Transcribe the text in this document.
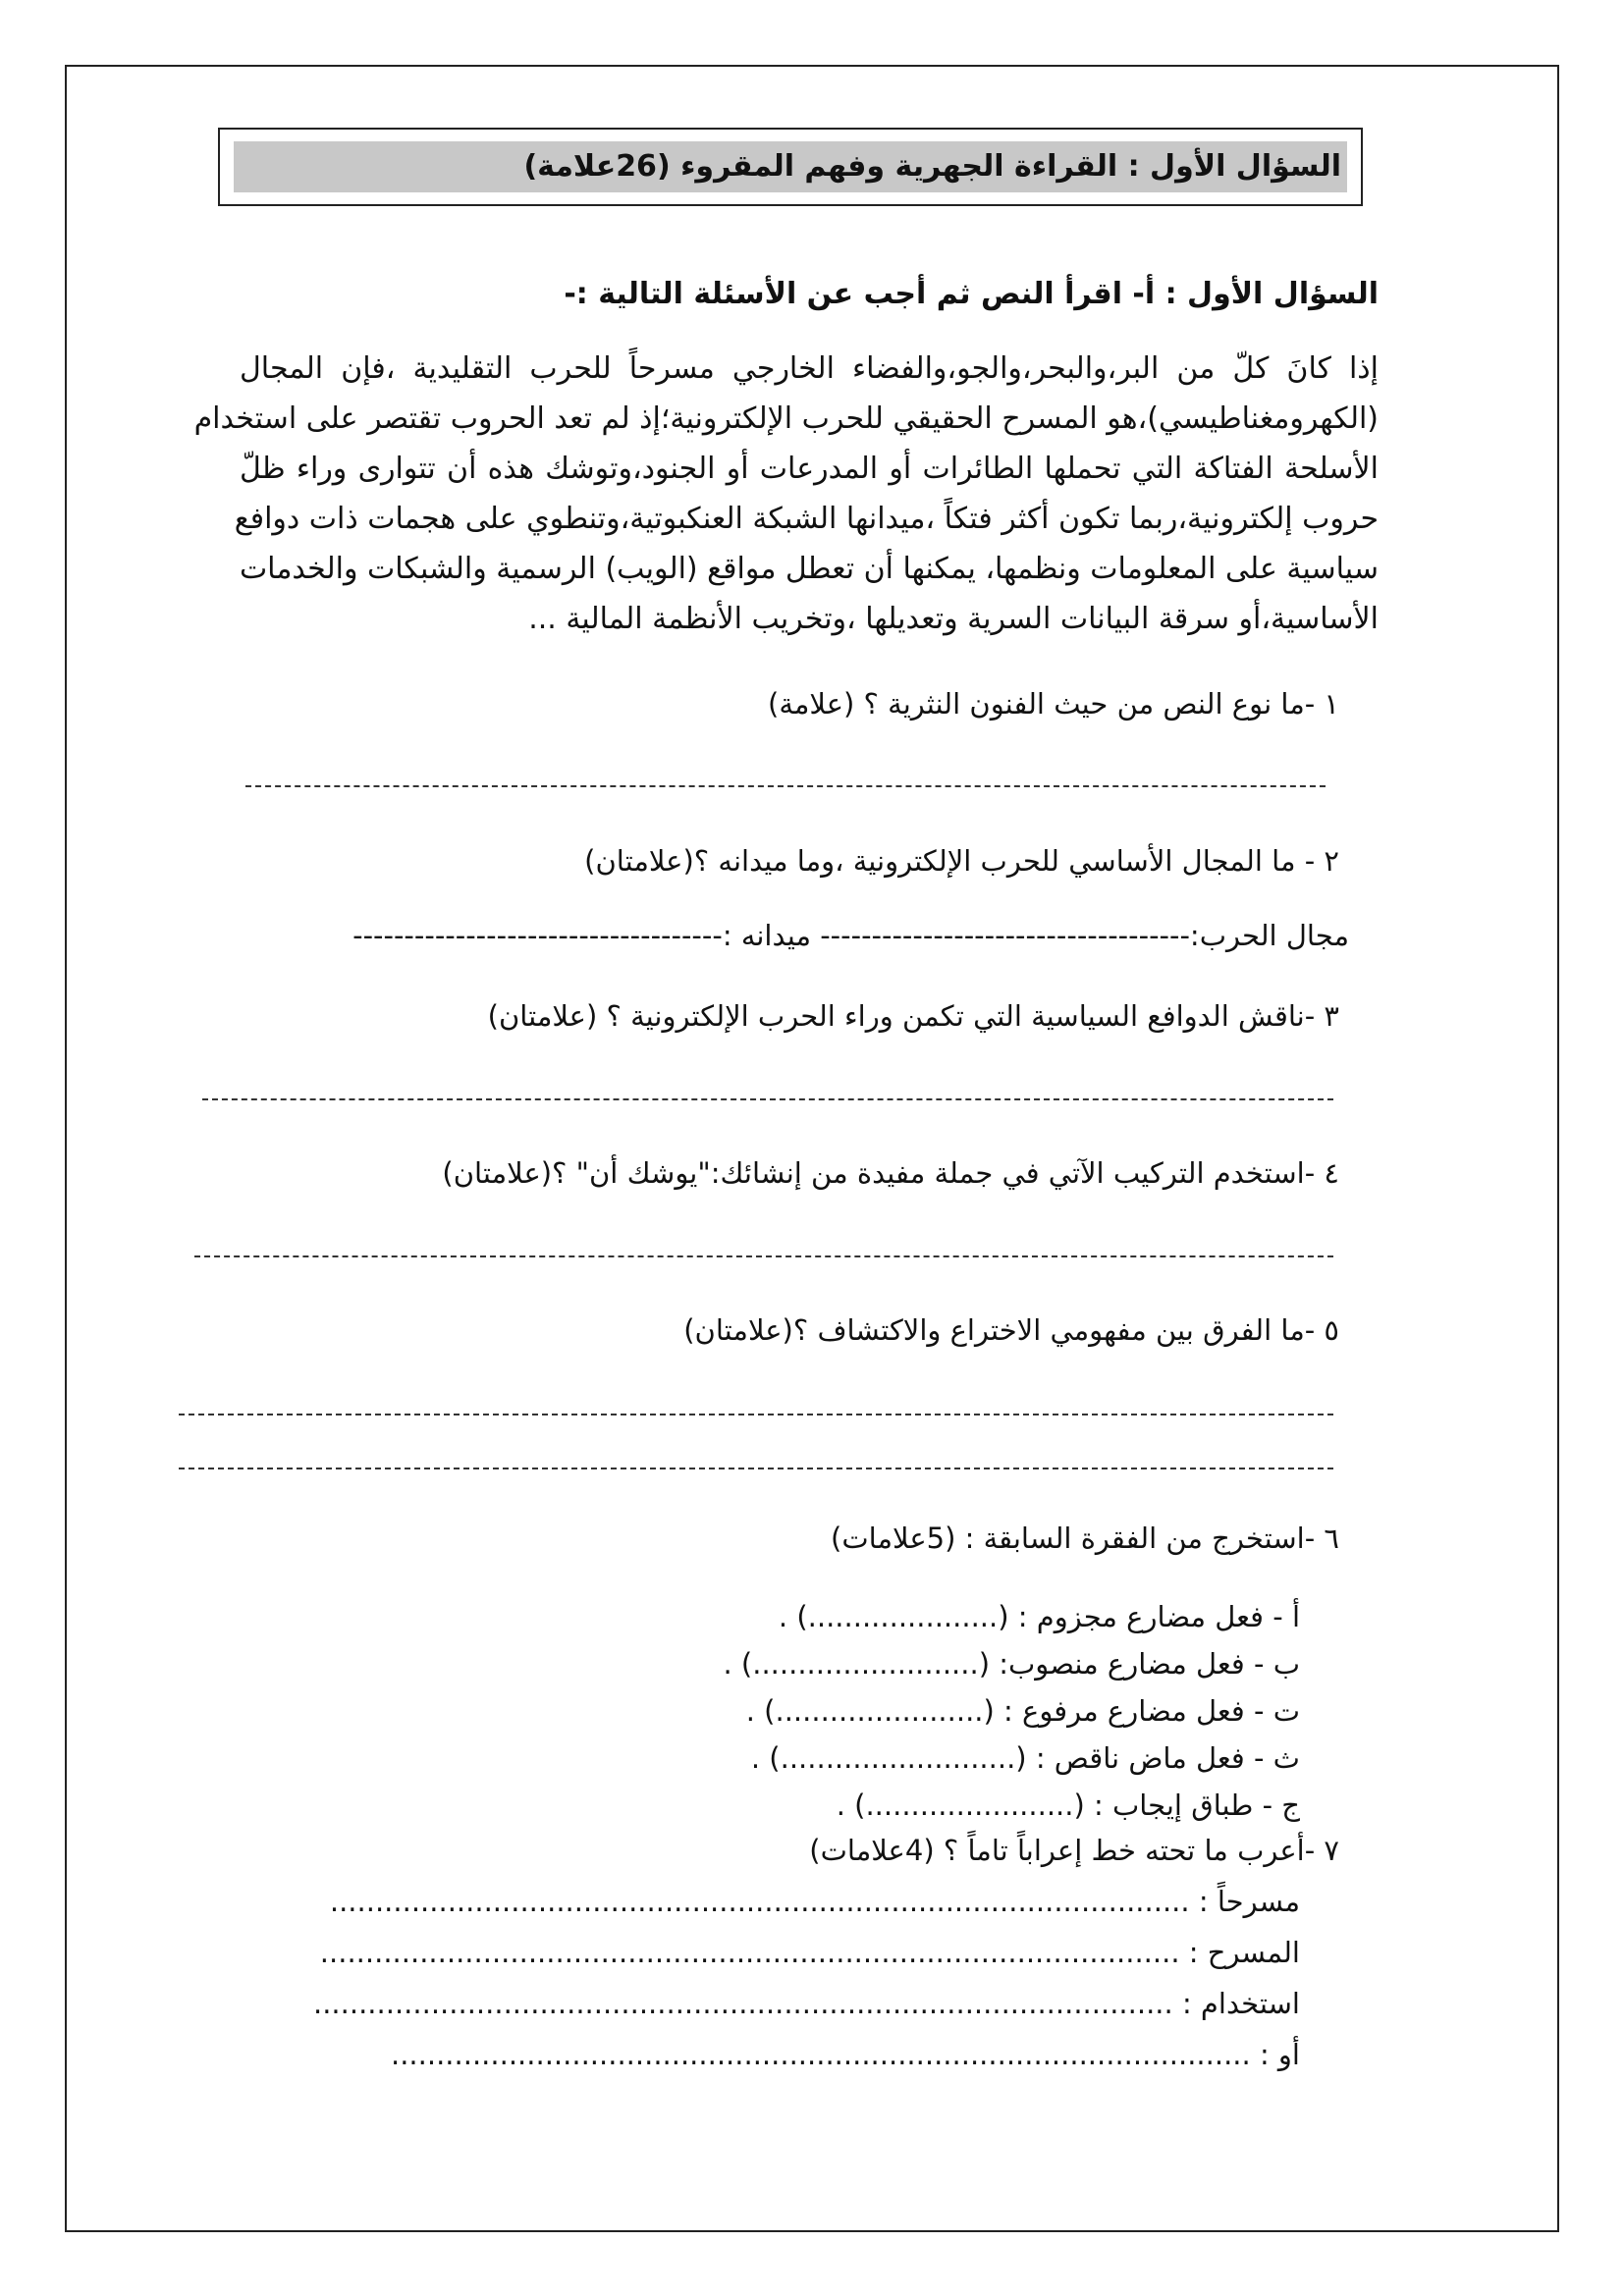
السؤال الأول : القراءة الجهرية وفهم المقروء (26علامة)
السؤال الأول : أ- اقرأ النص ثم أجب عن الأسئلة التالية :-
إذا كانَ كلّ من البر،والبحر،والجو،والفضاء الخارجي مسرحاً للحرب التقليدية ،فإن المجال
(الكهرومغناطيسي)،هو المسرح الحقيقي للحرب الإلكترونية؛إذ لم تعد الحروب تقتصر على استخدام
الأسلحة الفتاكة التي تحملها الطائرات أو المدرعات أو الجنود،وتوشك هذه أن تتوارى وراء ظلّ
حروب إلكترونية،ربما تكون أكثر فتكاً ،ميدانها الشبكة العنكبوتية،وتنطوي على هجمات ذات دوافع
سياسية على المعلومات ونظمها، يمكنها أن تعطل مواقع (الويب) الرسمية والشبكات والخدمات
الأساسية،أو سرقة البيانات السرية وتعديلها ،وتخريب الأنظمة المالية ...
١ -ما نوع النص من حيث الفنون النثرية ؟ (علامة)
٢ - ما المجال الأساسي للحرب الإلكترونية ،وما ميدانه ؟(علامتان)
مجال الحرب:------------------------------------ ميدانه :------------------------------------
٣ -ناقش الدوافع السياسية التي تكمن وراء الحرب الإلكترونية ؟ (علامتان)
٤ -استخدم التركيب الآتي في جملة مفيدة من إنشائك:"يوشك أن" ؟(علامتان)
٥ -ما الفرق بين مفهومي الاختراع والاكتشاف ؟(علامتان)
٦ -استخرج من الفقرة السابقة : (5علامات)
أ - فعل مضارع مجزوم : (.....................) .
ب - فعل مضارع منصوب: (.........................) .
ت - فعل مضارع مرفوع : (.......................) .
ث - فعل ماض ناقص : (..........................) .
ج - طباق إيجاب : (.......................) .
٧ -أعرب ما تحته خط إعراباً تاماً ؟ (4علامات)
مسرحاً : ...............................................................................................
المسرح : ...............................................................................................
استخدام : ...............................................................................................
أو : ...............................................................................................
